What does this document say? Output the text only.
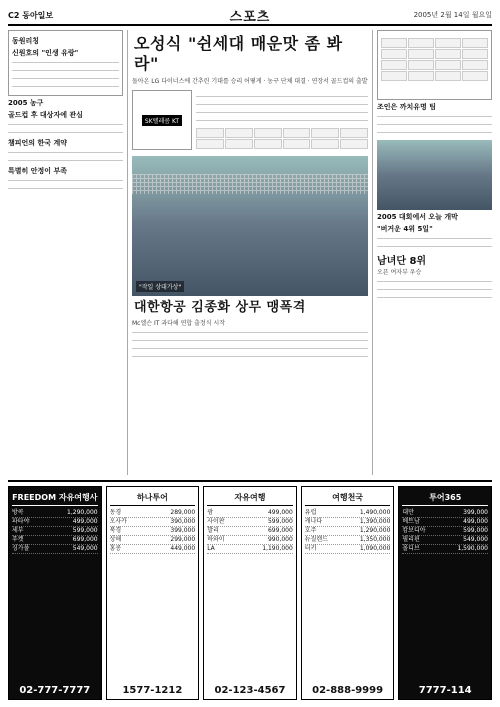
C2 동아일보	스포츠	2005년 2월 14일 월요일
동원리칭
신원호의 "인생 유랑"
2005 농구
골드컵 후 대상자에 관심
챔피언의 한국 계약
특별히 안정이 부족
오성식 "쉰세대 매운맛 좀 봐라"
돌아온 LG 다이너스에 간추린 기대를 승리 어떻게 · 농구 단체 대결 · 연장서 골드컵의 출발
SK텔레콤 KT
"작일 상대가상"
대한항공 김종화 상무 맹폭격
Mc엘슨 IT 과다해 연합 출정식 시작
조인은 까치유명 팀
2005 대회에서 오늘 개막
"버거운 4위 5일"
남녀단 8위
오픈 여자부 우승
FREEDOM 자유여행사
방콕	1,290,000
파타야	499,000
세부	599,000
푸켓	699,000
싱가폴	549,000
02-777-7777
하나투어
동경	289,000
오사카	390,000
북경	399,000
상해	299,000
홍콩	449,000
1577-1212
자유여행
괌	499,000
사이판	599,000
발리	699,000
하와이	990,000
LA	1,190,000
02-123-4567
여행천국
유럽	1,490,000
캐나다	1,390,000
호주	1,290,000
뉴질랜드	1,350,000
터키	1,090,000
02-888-9999
투어365
대만	399,000
베트남	499,000
캄보디아	599,000
필리핀	549,000
몰디브	1,590,000
7777-114
